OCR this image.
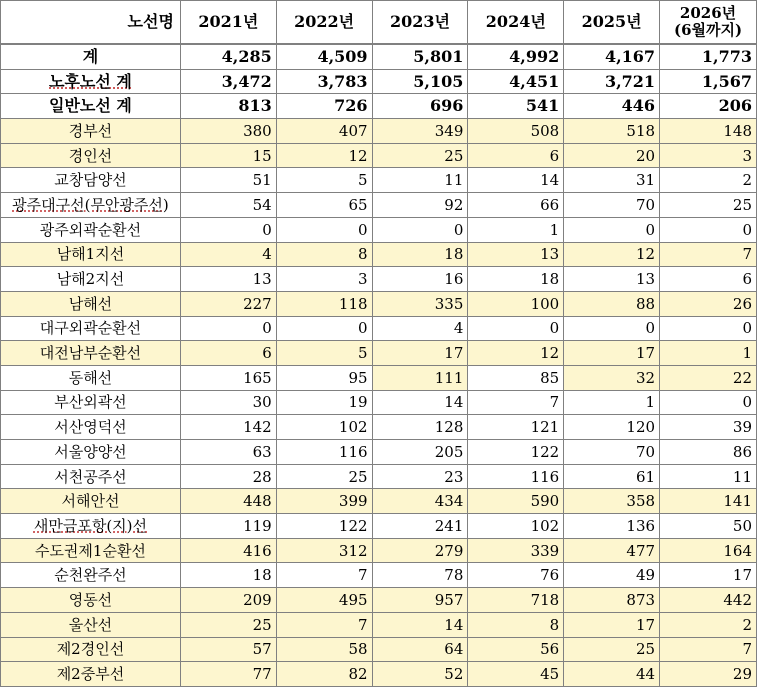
노선명	2021년	2022년	2023년	2024년	2025년	2026년
(6월까지)

계	4,285	4,509	5,801	4,992	4,167	1,773
노후노선 계	3,472	3,783	5,105	4,451	3,721	1,567
일반노선 계	813	726	696	541	446	206
경부선	380	407	349	508	518	148
경인선	15	12	25	6	20	3
교창담양선	51	5	11	14	31	2
광주대구선(무안광주선)	54	65	92	66	70	25
광주외곽순환선	0	0	0	1	0	0
남해1지선	4	8	18	13	12	7
남해2지선	13	3	16	18	13	6
남해선	227	118	335	100	88	26
대구외곽순환선	0	0	4	0	0	0
대전남부순환선	6	5	17	12	17	1
동해선	165	95	111	85	32	22
부산외곽선	30	19	14	7	1	0
서산영덕선	142	102	128	121	120	39
서울양양선	63	116	205	122	70	86
서천공주선	28	25	23	116	61	11
서해안선	448	399	434	590	358	141
새만금포항(지)선	119	122	241	102	136	50
수도권제1순환선	416	312	279	339	477	164
순천완주선	18	7	78	76	49	17
영동선	209	495	957	718	873	442
울산선	25	7	14	8	17	2
제2경인선	57	58	64	56	25	7
제2중부선	77	82	52	45	44	29
